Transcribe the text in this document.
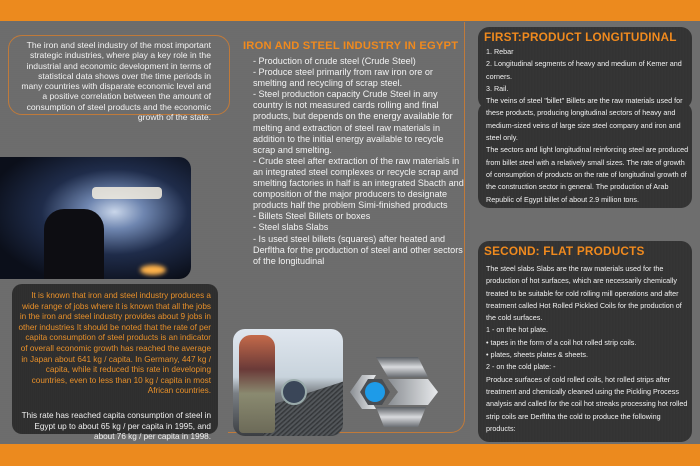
The iron and steel industry of the most important strategic industries, where play a key role in the industrial and economic development in terms of statistical data shows over the time periods in many countries with disparate economic level and a positive correlation between the amount of consumption of steel products and the economic growth of the state.
It is known that iron and steel industry produces a wide range of jobs where it is known that all the jobs in the iron and steel industry provides about 9 jobs in other industries It should be noted that the rate of per capita consumption of steel products is an indicator of overall economic growth has reached the average in Japan about 641 kg / capita. In Germany, 447 kg / capita, while it reduced this rate in developing countries, even to less than 10 kg / capita in most African countries.
This rate has reached capita consumption of steel in Egypt up to about 65 kg / per capita in 1995, and about 76 kg / per capita in 1998.
IRON AND STEEL INDUSTRY IN EGYPT
- Production of crude steel (Crude Steel)
- Produce steel primarily from raw iron ore or smelting and recycling of scrap steel.
- Steel production capacity Crude Steel in any country is not measured cards rolling and final products, but depends on the energy available for melting and extraction of steel raw materials in addition to the initial energy available to recycle scrap and smelting.
- Crude steel after extraction of the raw materials in an integrated steel complexes or recycle scrap and smelting factories in half is an integrated Sbacth and composition of the major producers to designate products half the problem Simi-finished products
- Billets Steel Billets or boxes
- Steel slabs Slabs
- Is used steel billets (squares) after heated and Derfltha for the production of steel and other sectors of the longitudinal
FIRST:PRODUCT LONGITUDINAL

1. Rebar

2. Longitudinal segments of heavy and medium of Kemer and corners.

3. Rail.

The veins of steel "billet" Billets are the raw materials used for these products, producing longitudinal sectors of heavy and medium-sized veins of large size steel company and iron and steel only.

The sectors and light longitudinal reinforcing steel are produced from billet steel with a relatively small sizes. The rate of growth of consumption of products on the rate of longitudinal growth of the construction sector in general. The production of Arab Republic of Egypt billet of about 2.9 million tons.

SECOND: FLAT PRODUCTS

The steel slabs Slabs are the raw materials used for the production of hot surfaces, which are necessarily chemically treated to be suitable for cold rolling mill operations and after treatment called Hot Rolled Pickled Coils for the production of the cold surfaces.

1 - on the hot plate.

• tapes in the form of a coil hot rolled strip coils.

• plates, sheets plates & sheets.

2 - on the cold plate: -

Produce surfaces of cold rolled coils, hot rolled strips after treatment and chemically cleaned using the Pickling Process analysis and called for the coil hot streaks processing hot rolled strip coils are Derfltha the cold to produce the following products:
